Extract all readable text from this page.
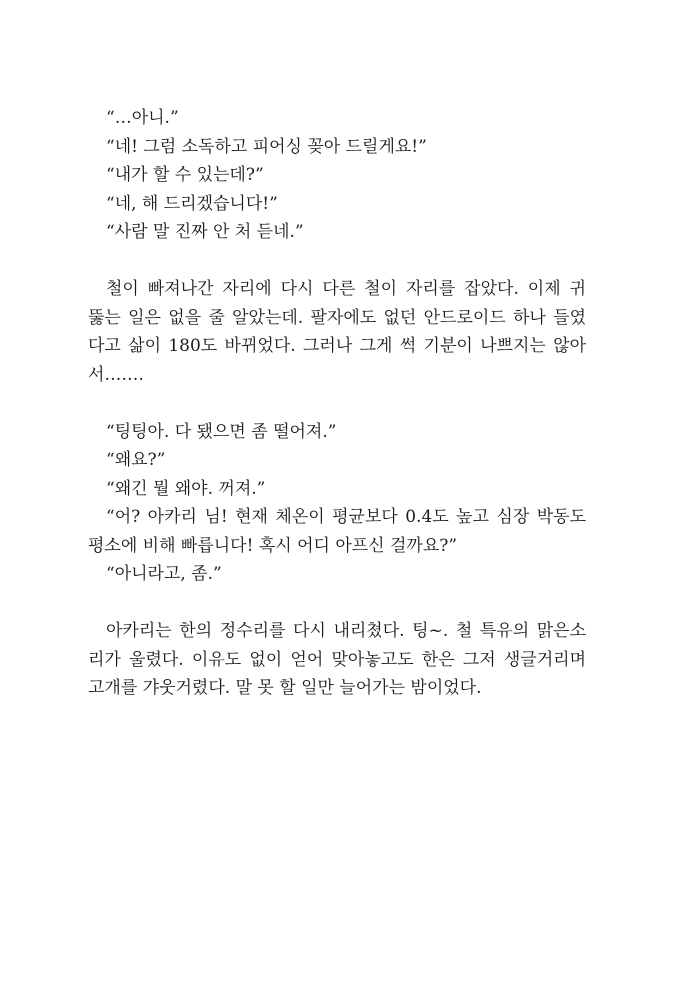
“…아니.”
“네! 그럼 소독하고 피어싱 꽂아 드릴게요!”
“내가 할 수 있는데?”
“네, 해 드리겠습니다!”
“사람 말 진짜 안 처 듣네.”
철이 빠져나간 자리에 다시 다른 철이 자리를 잡았다. 이제 귀
뚫는 일은 없을 줄 알았는데. 팔자에도 없던 안드로이드 하나 들였
다고 삶이 180도 바뀌었다. 그러나 그게 썩 기분이 나쁘지는 않아
서…….
“팅팅아. 다 됐으면 좀 떨어져.”
“왜요?”
“왜긴 뭘 왜야. 꺼져.”
“어? 아카리 님! 현재 체온이 평균보다 0.4도 높고 심장 박동도
평소에 비해 빠릅니다! 혹시 어디 아프신 걸까요?”
“아니라고, 좀.”
아카리는 한의 정수리를 다시 내리쳤다. 팅~. 철 특유의 맑은소
리가 울렸다. 이유도 없이 얻어 맞아놓고도 한은 그저 생글거리며
고개를 갸웃거렸다. 말 못 할 일만 늘어가는 밤이었다.
